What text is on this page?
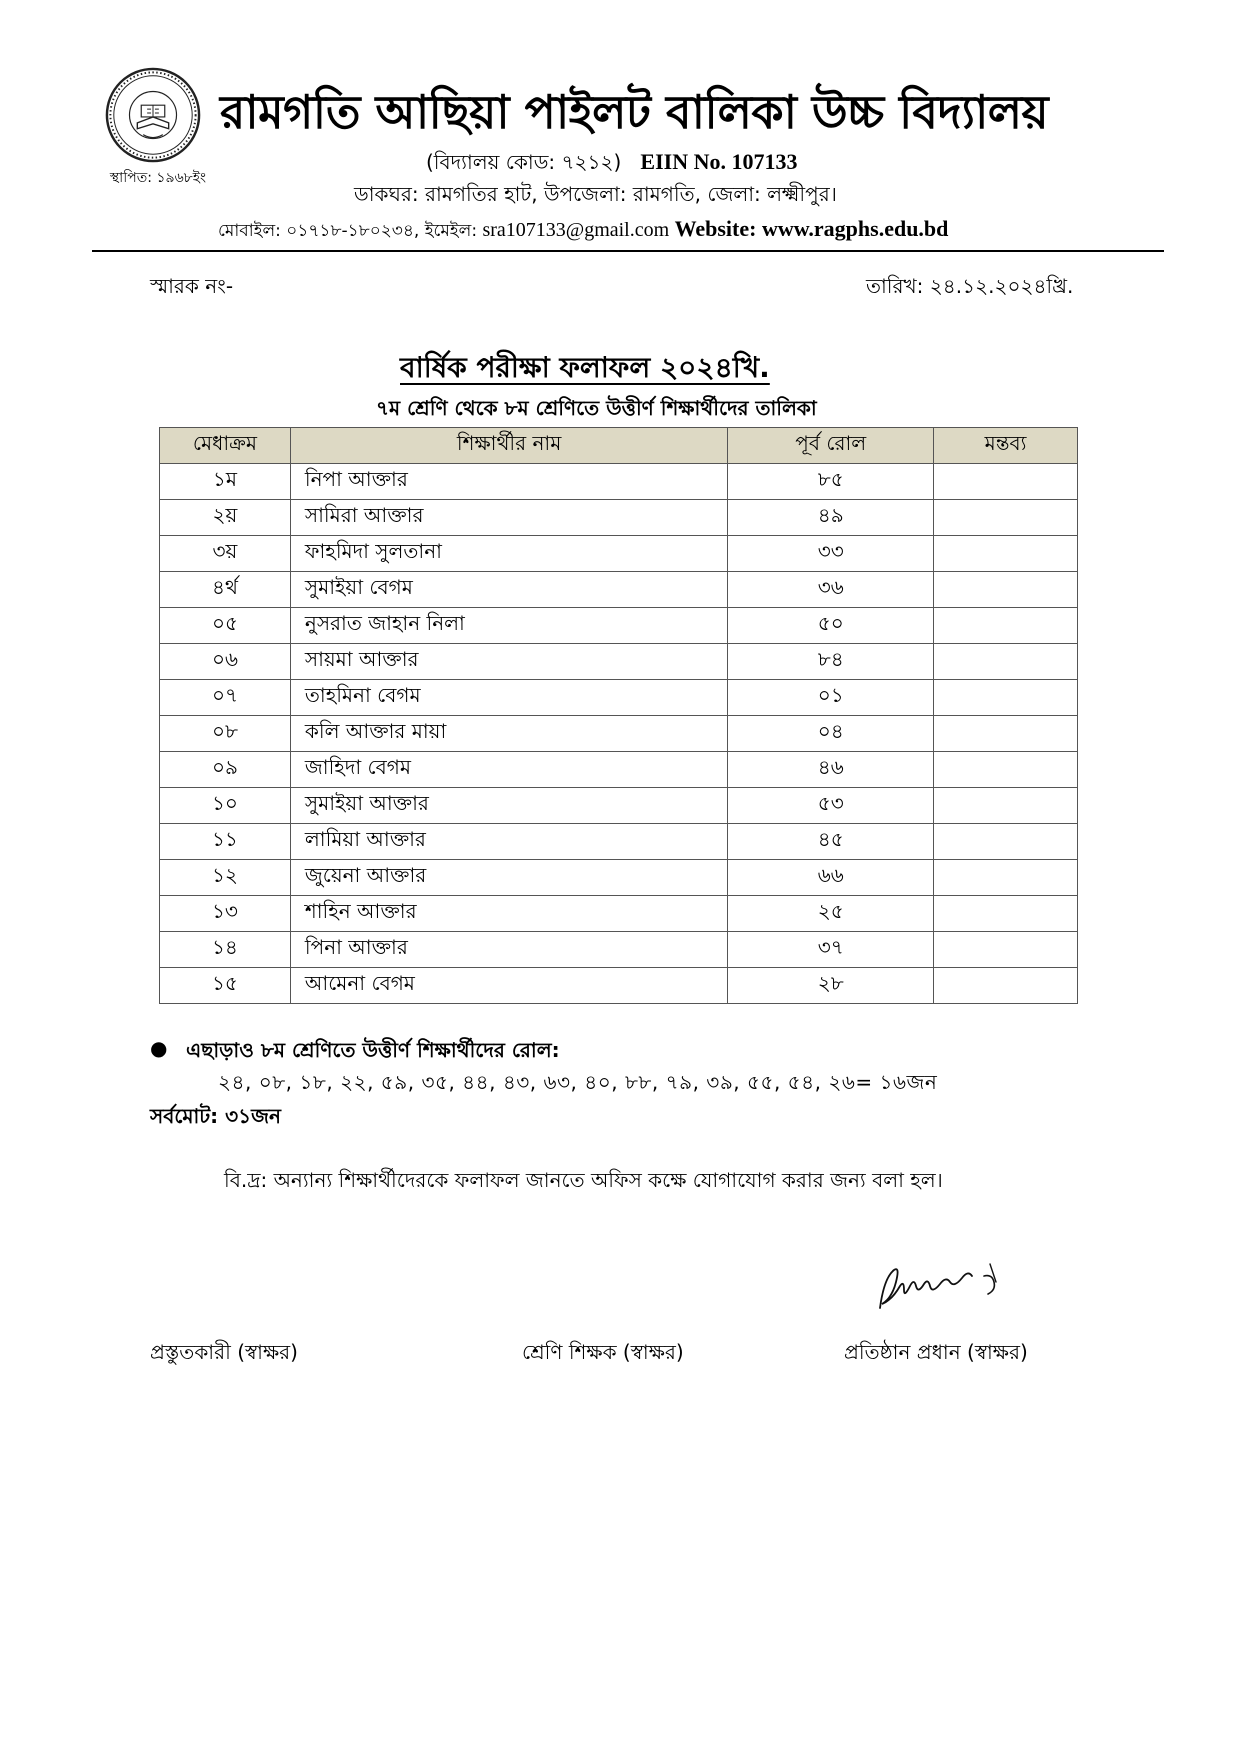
স্থাপিত: ১৯৬৮ইং
রামগতি আছিয়া পাইলট বালিকা উচ্চ বিদ্যালয়
(বিদ্যালয় কোড: ৭২১২) EIIN No. 107133
ডাকঘর: রামগতির হাট, উপজেলা: রামগতি, জেলা: লক্ষ্মীপুর।
মোবাইল: ০১৭১৮-১৮০২৩৪, ইমেইল: sra107133@gmail.com Website: www.ragphs.edu.bd
স্মারক নং-	তারিখ: ২৪.১২.২০২৪খ্রি.
বার্ষিক পরীক্ষা ফলাফল ২০২৪খি.
৭ম শ্রেণি থেকে ৮ম শ্রেণিতে উত্তীর্ণ শিক্ষার্থীদের তালিকা
মেধাক্রম	শিক্ষার্থীর নাম	পূর্ব রোল	মন্তব্য
১ম	নিপা আক্তার	৮৫	
২য়	সামিরা আক্তার	৪৯	
৩য়	ফাহমিদা সুলতানা	৩৩	
৪র্থ	সুমাইয়া বেগম	৩৬	
০৫	নুসরাত জাহান নিলা	৫০	
০৬	সায়মা আক্তার	৮৪	
০৭	তাহমিনা বেগম	০১	
০৮	কলি আক্তার মায়া	০৪	
০৯	জাহিদা বেগম	৪৬	
১০	সুমাইয়া আক্তার	৫৩	
১১	লামিয়া আক্তার	৪৫	
১২	জুয়েনা আক্তার	৬৬	
১৩	শাহিন আক্তার	২৫	
১৪	পিনা আক্তার	৩৭	
১৫	আমেনা বেগম	২৮	
● এছাড়াও ৮ম শ্রেণিতে উত্তীর্ণ শিক্ষার্থীদের রোল:
২৪, ০৮, ১৮, ২২, ৫৯, ৩৫, ৪৪, ৪৩, ৬৩, ৪০, ৮৮, ৭৯, ৩৯, ৫৫, ৫৪, ২৬= ১৬জন
সর্বমোট: ৩১জন
বি.দ্র: অন্যান্য শিক্ষার্থীদেরকে ফলাফল জানতে অফিস কক্ষে যোগাযোগ করার জন্য বলা হল।
প্রস্তুতকারী (স্বাক্ষর)	শ্রেণি শিক্ষক (স্বাক্ষর)	প্রতিষ্ঠান প্রধান (স্বাক্ষর)
